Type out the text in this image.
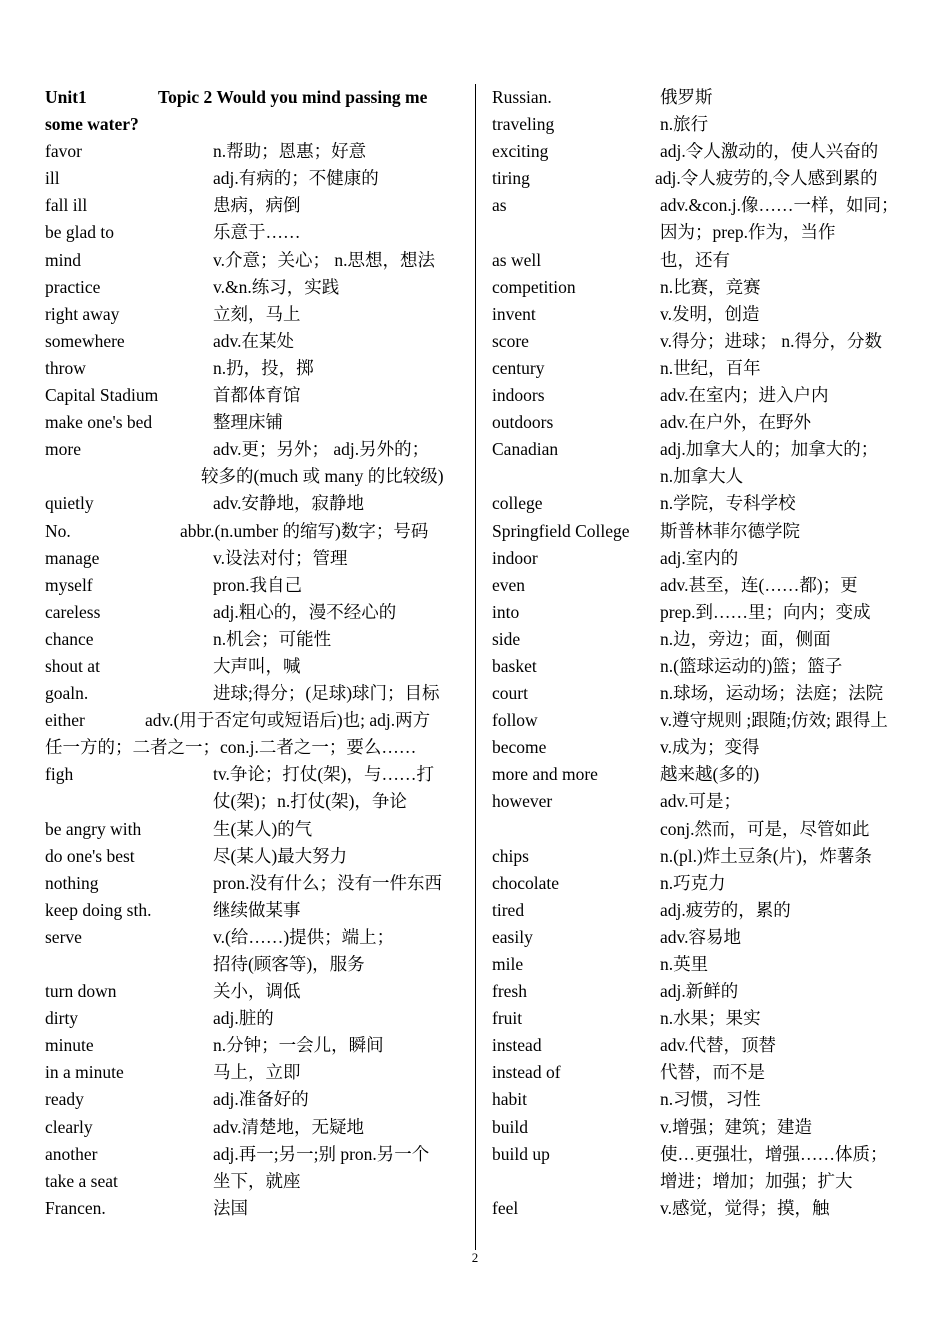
Unit1	Topic 2 Would you mind passing me
some water?
favor	n.帮助；恩惠；好意
ill	adj.有病的；不健康的
fall ill	患病，病倒
be glad to	乐意于……
mind	v.介意；关心； n.思想，想法
practice	v.&n.练习，实践
right away	立刻，马上
somewhere	adv.在某处
throw	n.扔，投，掷
Capital Stadium	首都体育馆
make one's bed	整理床铺
more	adv.更；另外； adj.另外的；
较多的(much 或 many 的比较级)
quietly	adv.安静地，寂静地
No.	abbr.(n.umber 的缩写)数字；号码
manage	v.设法对付；管理
myself	pron.我自己
careless	adj.粗心的，漫不经心的
chance	n.机会；可能性
shout at	大声叫，喊
goaln.	进球;得分；(足球)球门；目标
either	adv.(用于否定句或短语后)也; adj.两方
任一方的；二者之一；con.j.二者之一；要么……
figh	tv.争论；打仗(架)，与……打
仗(架)；n.打仗(架)，争论
be angry with	生(某人)的气
do one's best	尽(某人)最大努力
nothing	pron.没有什么；没有一件东西
keep doing sth.	继续做某事
serve	v.(给……)提供；端上；
招待(顾客等)，服务
turn down	关小，调低
dirty	adj.脏的
minute	n.分钟；一会儿，瞬间
in a minute	马上，立即
ready	adj.准备好的
clearly	adv.清楚地，无疑地
another	adj.再一;另一;别 pron.另一个
take a seat	坐下，就座
Francen.	法国
Russian.	俄罗斯
traveling	n.旅行
exciting	adj.令人激动的，使人兴奋的
tiring	adj.令人疲劳的,令人感到累的
as	adv.&con.j.像……一样，如同；
因为；prep.作为，当作
as well	也，还有
competition	n.比赛，竞赛
invent	v.发明，创造
score	v.得分；进球； n.得分，分数
century	n.世纪，百年
indoors	adv.在室内；进入户内
outdoors	adv.在户外，在野外
Canadian	adj.加拿大人的；加拿大的；
n.加拿大人
college	n.学院，专科学校
Springfield College 斯普林菲尔德学院
indoor	adj.室内的
even	adv.甚至，连(……都)；更
into	prep.到……里；向内；变成
side	n.边，旁边；面，侧面
basket	n.(篮球运动的)篮；篮子
court	n.球场，运动场；法庭；法院
follow	v.遵守规则 ;跟随;仿效; 跟得上
become	v.成为；变得
more and more	越来越(多的)
however	adv.可是；
conj.然而，可是，尽管如此
chips	n.(pl.)炸土豆条(片)，炸薯条
chocolate	n.巧克力
tired	adj.疲劳的，累的
easily	adv.容易地
mile	n.英里
fresh	adj.新鲜的
fruit	n.水果；果实
instead	adv.代替，顶替
instead of	代替，而不是
habit	n.习惯，习性
build	v.增强；建筑；建造
build up	使…更强壮，增强……体质；
增进；增加；加强；扩大
feel	v.感觉，觉得；摸，触
2
